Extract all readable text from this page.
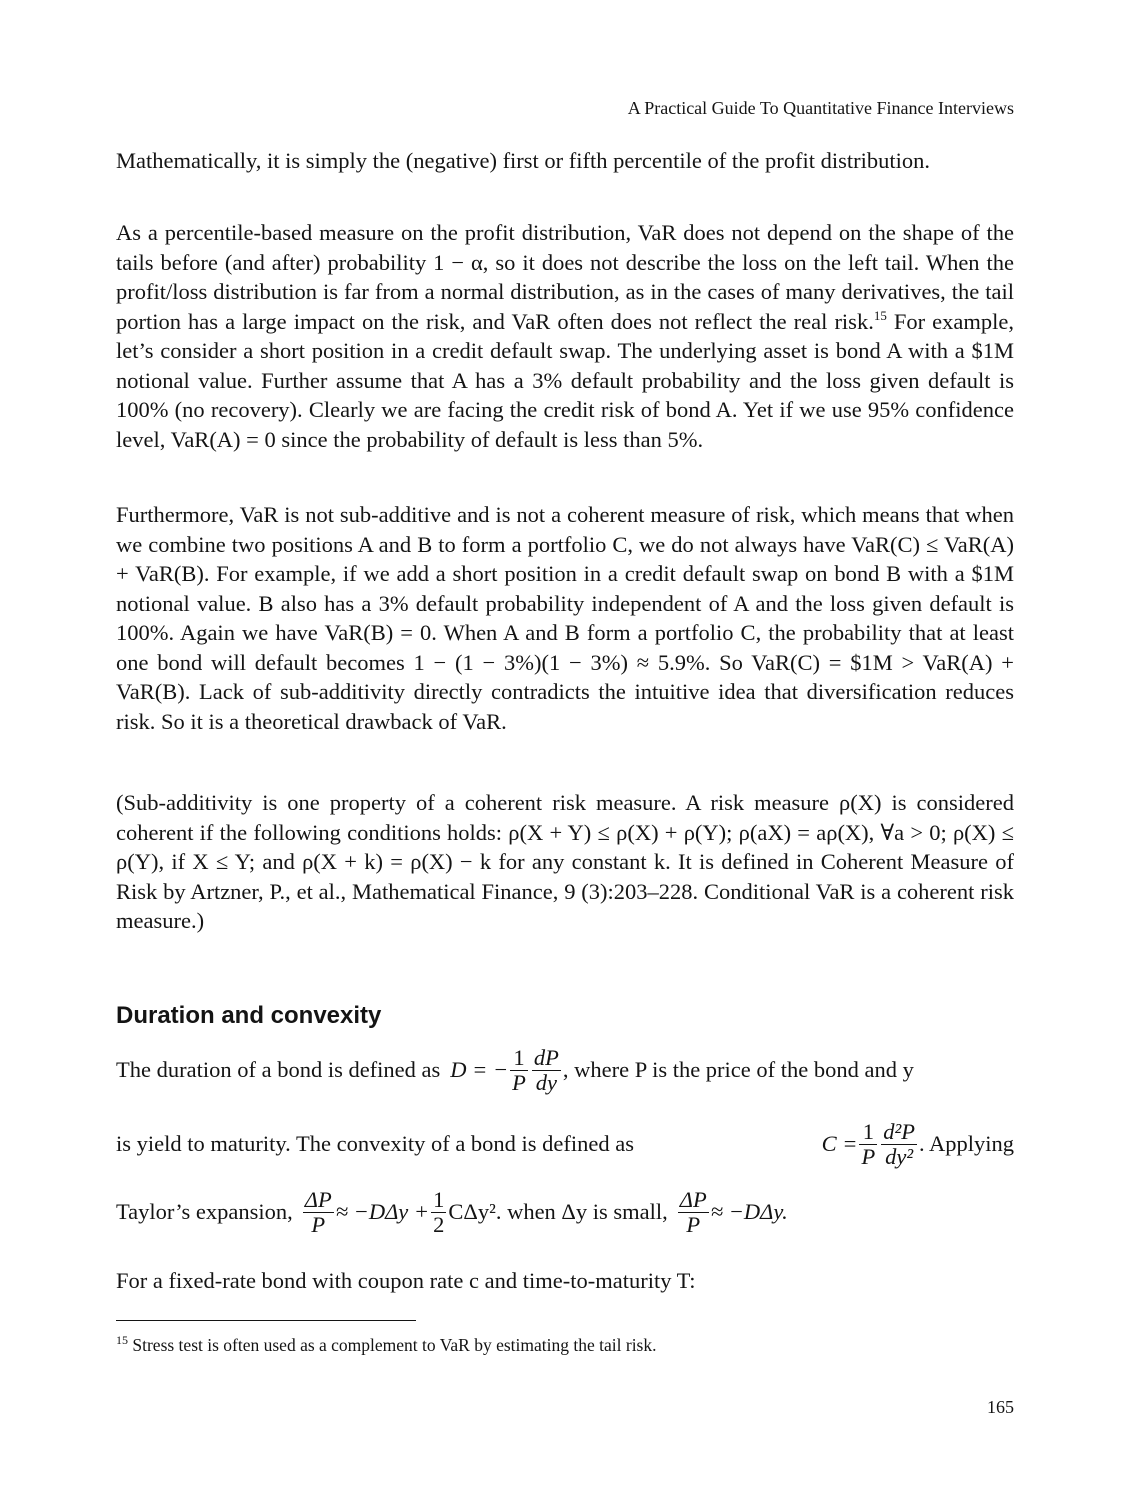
A Practical Guide To Quantitative Finance Interviews

Mathematically, it is simply the (negative) first or fifth percentile of the profit distribution.

As a percentile-based measure on the profit distribution, VaR does not depend on the shape of the tails before (and after) probability 1 − α, so it does not describe the loss on the left tail. When the profit/loss distribution is far from a normal distribution, as in the cases of many derivatives, the tail portion has a large impact on the risk, and VaR often does not reflect the real risk.$^{15}$ For example, let’s consider a short position in a credit default swap. The underlying asset is bond A with a $1M notional value. Further assume that A has a 3% default probability and the loss given default is 100% (no recovery). Clearly we are facing the credit risk of bond A. Yet if we use 95% confidence level, VaR(A) = 0 since the probability of default is less than 5%.

Furthermore, VaR is not sub-additive and is not a coherent measure of risk, which means that when we combine two positions A and B to form a portfolio C, we do not always have VaR(C) ≤ VaR(A) + VaR(B). For example, if we add a short position in a credit default swap on bond B with a $1M notional value. B also has a 3% default probability independent of A and the loss given default is 100%. Again we have VaR(B) = 0. When A and B form a portfolio C, the probability that at least one bond will default becomes 1 − (1 − 3%)(1 − 3%) ≈ 5.9%. So VaR(C) = $1M > VaR(A) + VaR(B). Lack of sub-additivity directly contradicts the intuitive idea that diversification reduces risk. So it is a theoretical drawback of VaR.

(Sub-additivity is one property of a coherent risk measure. A risk measure ρ(X) is considered coherent if the following conditions holds: ρ(X + Y) ≤ ρ(X) + ρ(Y); ρ(aX) = aρ(X), ∀a > 0; ρ(X) ≤ ρ(Y), if X ≤ Y; and ρ(X + k) = ρ(X) − k for any constant k. It is defined in Coherent Measure of Risk by Artzner, P., et al., Mathematical Finance, 9 (3):203–228. Conditional VaR is a coherent risk measure.)

Duration and convexity
The duration of a bond is defined as D = − $\frac{1}{P} \frac{dP}{dy}$ , where P is the price of the bond and y
is yield to maturity. The convexity of a bond is defined as	$C = \frac{1}{P} \frac{\text{d²P}}{\text{dy²}}$ . Applying
Taylor’s expansion, $\frac{\Delta P}{P} \approx -D\Delta y + \frac{1}{2} C\Delta y^2$. when Δy is small, $\frac{\Delta P}{P} \approx -D\Delta y$.

For a fixed-rate bond with coupon rate c and time-to-maturity T:

$^{15}$ Stress test is often used as a complement to VaR by estimating the tail risk.
165
